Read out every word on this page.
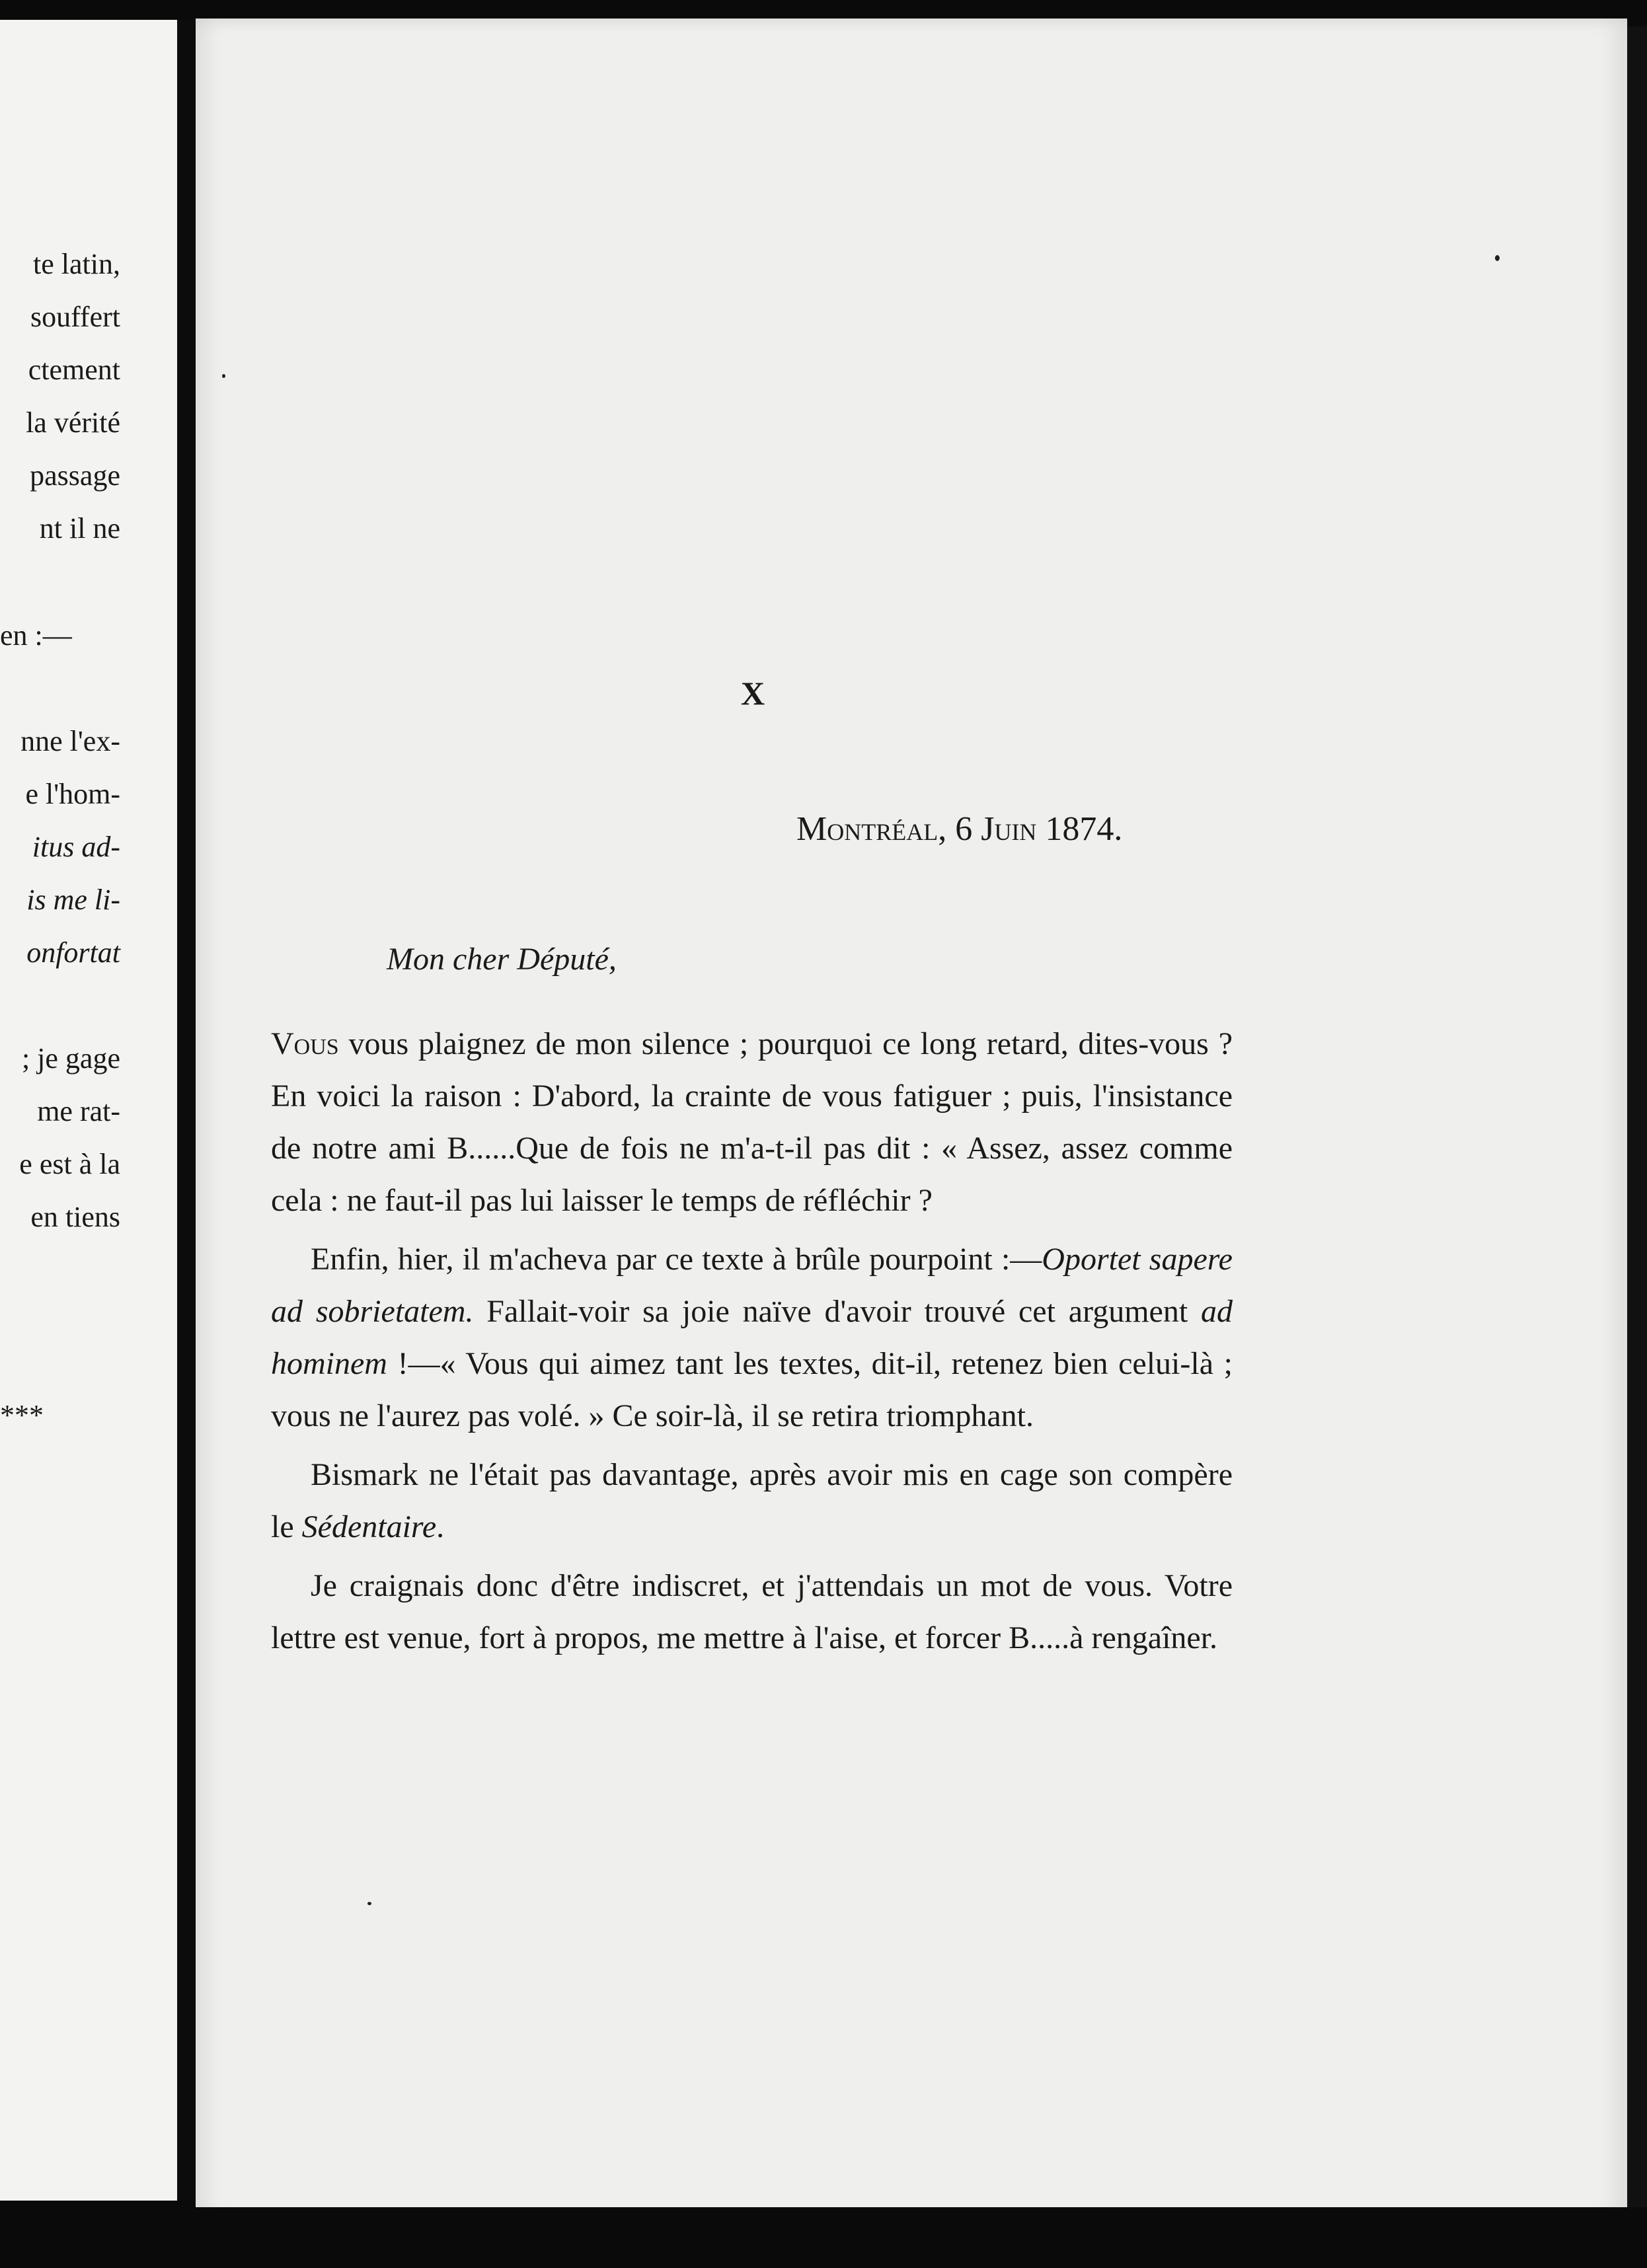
te latin,
souffert
ctement
la vérité
passage
nt il ne
en :—
nne l'ex-
e l'hom-
itus ad-
is me li-
onfortat
; je gage
me rat-
e est à la
en tiens
***
X
Montréal, 6 Juin 1874.
Mon cher Député,

Vous vous plaignez de mon silence ; pourquoi ce long retard, dites-vous ? En voici la raison : D'abord, la crainte de vous fatiguer ; puis, l'insistance de notre ami B......Que de fois ne m'a-t-il pas dit : « Assez, assez comme cela : ne faut-il pas lui laisser le temps de réfléchir ?

Enfin, hier, il m'acheva par ce texte à brûle pourpoint :—Oportet sapere ad sobrietatem. Fallait-voir sa joie naïve d'avoir trouvé cet argument ad hominem !—« Vous qui aimez tant les textes, dit-il, retenez bien celui-là ; vous ne l'aurez pas volé. » Ce soir-là, il se retira triomphant.

Bismark ne l'était pas davantage, après avoir mis en cage son compère le Sédentaire.

Je craignais donc d'être indiscret, et j'attendais un mot de vous. Votre lettre est venue, fort à propos, me mettre à l'aise, et forcer B.....à rengaîner.
